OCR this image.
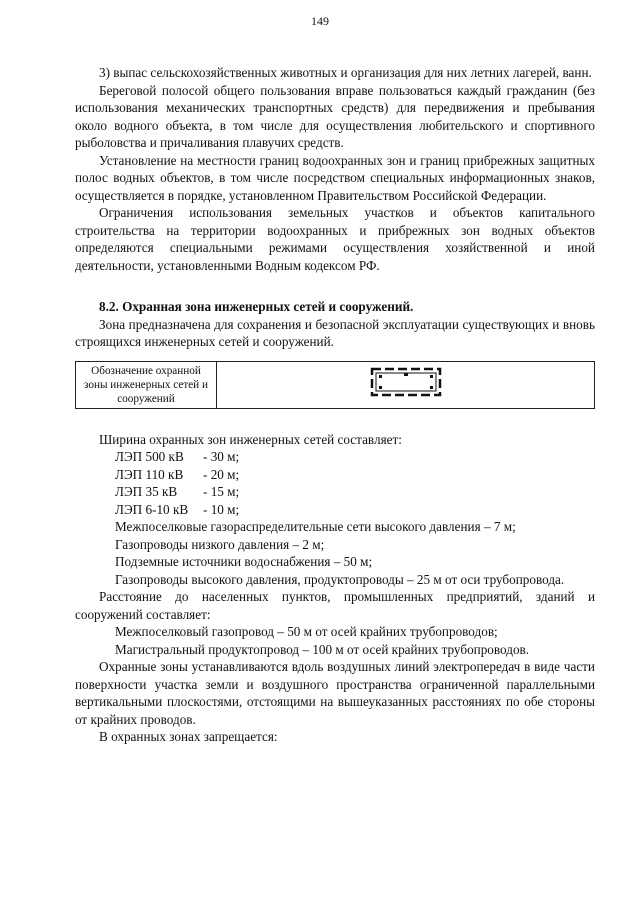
149

3) выпас сельскохозяйственных животных и организация для них летних лагерей, ванн.

Береговой полосой общего пользования вправе пользоваться каждый гражданин (без использования механических транспортных средств) для передвижения и пребывания около водного объекта, в том числе для осуществления любительского и спортивного рыболовства и причаливания плавучих средств.

Установление на местности границ водоохранных зон и границ прибрежных защитных полос водных объектов, в том числе посредством специальных информационных знаков, осуществляется в порядке, установленном Правительством Российской Федерации.

Ограничения использования земельных участков и объектов капитального строительства на территории водоохранных и прибрежных зон водных объектов определяются специальными режимами осуществления хозяйственной и иной деятельности, установленными Водным кодексом РФ.

8.2. Охранная зона инженерных сетей и сооружений.

Зона предназначена для сохранения и безопасной эксплуатации существующих и вновь строящихся инженерных сетей и сооружений.

Обозначение охранной зоны инженерных сетей и сооружений	

Ширина охранных зон инженерных сетей составляет:

ЛЭП 500 кВ	- 30 м;
ЛЭП 110 кВ	- 20 м;
ЛЭП 35 кВ	- 15 м;
ЛЭП 6-10 кВ	- 10 м;

Межпоселковые газораспределительные сети высокого давления – 7 м;

Газопроводы низкого давления – 2 м;

Подземные источники водоснабжения – 50 м;

Газопроводы высокого давления, продуктопроводы – 25 м от оси трубопровода.

Расстояние до населенных пунктов, промышленных предприятий, зданий и сооружений составляет:

Межпоселковый газопровод – 50 м от осей крайних трубопроводов;

Магистральный продуктопровод – 100 м от осей крайних трубопроводов.

Охранные зоны устанавливаются вдоль воздушных линий электропередач в виде части поверхности участка земли и воздушного пространства ограниченной параллельными вертикальными плоскостями, отстоящими на вышеуказанных расстояниях по обе стороны от крайних проводов.

В охранных зонах запрещается:
